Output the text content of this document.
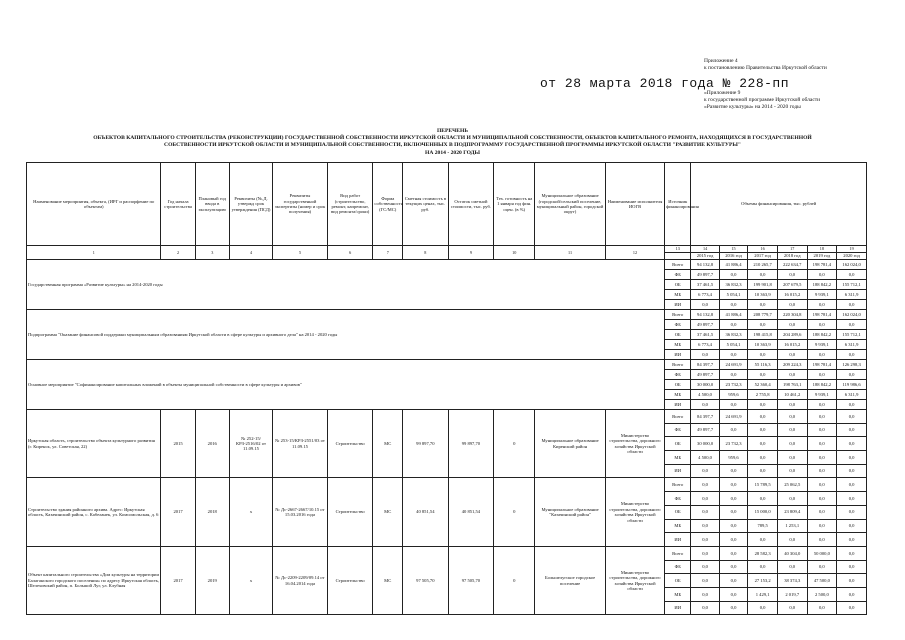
Приложение 4
к постановлению Правительства Иркутской области
от 28 марта 2018 года № 228-пп
«Приложение 9
к государственной программе Иркутской области
«Развитие культуры» на 2014 - 2020 годы
ПЕРЕЧЕНЬ
ОБЪЕКТОВ КАПИТАЛЬНОГО СТРОИТЕЛЬСТВА (РЕКОНСТРУКЦИИ) ГОСУДАРСТВЕННОЙ СОБСТВЕННОСТИ ИРКУТСКОЙ ОБЛАСТИ И МУНИЦИПАЛЬНОЙ СОБСТВЕННОСТИ, ОБЪЕКТОВ КАПИТАЛЬНОГО РЕМОНТА, НАХОДЯЩИХСЯ В ГОСУДАРСТВЕННОЙ
СОБСТВЕННОСТИ ИРКУТСКОЙ ОБЛАСТИ И МУНИЦИПАЛЬНОЙ СОБСТВЕННОСТИ, ВКЛЮЧЕННЫХ В ПОДПРОГРАММУ ГОСУДАРСТВЕННОЙ ПРОГРАММЫ ИРКУТСКОЙ ОБЛАСТИ "РАЗВИТИЕ КУЛЬТУРЫ"
НА 2014 - 2020 ГОДЫ
Наименование мероприятия, объекта, (ИРГ и распорфение по объектам)	Год начала строительства	Плановый год ввода в эксплуатацию	Реквизиты (№,Д. утвержд срок утверждения (ПСД)	Реквизиты государственной экспертизы (номер и срок получения)	Вид работ (строительство, ремонт, капремонт, вид ремонта/сроки)	Форма собственности (ГС/МС)	Сметная стоимость в текущих ценах, тыс. руб.	Остаток сметной стоимости, тыс. руб.	Тех. готовность на 1 января год фин. оцен. (в %)	Муниципальное образование (городской/сельский поселение, муниципальный район, городской округ)	Наименование исполнителя ИОГВ	Источник финансирования	Объемы финансирования, тыс. рублей					
1	2	3	4	5	6	7	8	9	10	11	12	13	14	15	16	17	18	19
													2015 год	2016 год	2017 год	2018 год	2019 год	2020 год
Государственная программа «Развитие культуры» на 2014-2020 годы												Всего	94 132,8	41 886,4	210 265,7	222 634,7	198 781,4	162 024,0
												ФБ	49 897,7	0,0	0,0	0,0	0,0	0,0
												ОБ	37 461,5	36 832,3	199 901,8	207 679,5	188 842,2	155 712,1
												МБ	6 773,4	5 054,1	10 363,9	16 015,2	9 939,1	6 311,9
												ИИ	0,0	0,0	0,0	0,0	0,0	0,0
Подпрограмма "Оказание финансовой поддержки муниципальным образованиям Иркутской области в сфере культуры и архивного дела" на 2014 - 2020 годы												Всего	94 132,8	41 886,4	208 779,7	220 304,8	198 781,4	162 024,0
												ФБ	49 897,7	0,0	0,0	0,0	0,0	0,0
												ОБ	37 461,5	36 832,3	198 415,8	204 289,6	188 842,2	155 712,1
												МБ	6 773,4	5 054,1	10 363,9	16 015,2	9 939,1	6 311,9
												ИИ	0,0	0,0	0,0	0,0	0,0	0,0
Основное мероприятие "Софинансирование капитальных вложений в объекты муниципальной собственности в сфере культуры и архивов"												Всего	84 397,7	24 691,9	55 116,3	209 224,3	198 781,4	126 298,3
												ФБ	49 897,7	0,0	0,0	0,0	0,0	0,0
												ОБ	30 000,0	23 732,3	52 360,4	198 763,1	188 842,2	119 986,6
												МБ	4 500,0	959,6	2 755,8	10 461,2	9 939,1	6 311,9
												ИИ	0,0	0,0	0,0	0,0	0,0	0,0
Иркутская область, строительство объекта культурного развития (г. Киренск, ул. Советская, 22)	2015	2016	№ 252-15/КРЗ-2516/02 от 11.09.15	№ 253-15/КРЗ-2551/03 от 11.09.15	Строительство	МС	99 897,70	99 897,70	0	Муниципальное образование Киренский район	Министерство строительства, дорожного хозяйства Иркутской области	Всего	84 397,7	24 691,9	0,0	0,0	0,0	0,0
												ФБ	49 897,7	0,0	0,0	0,0	0,0	0,0
												ОБ	30 000,0	23 732,3	0,0	0,0	0,0	0,0
												МБ	4 500,0	959,6	0,0	0,0	0,0	0,0
												ИИ	0,0	0,0	0,0	0,0	0,0	0,0
Строительство здания районного архива. Адрес: Иркутская область, Казачинский район, с. Кабеланек, ул. Комсомольская, д. 6	2017	2018	x	№ Дс-2667-2667/10.15 от 15.03.2016 года	Строительство	МС	40 851,54	40 851,54	0	Муниципальное образование "Казачинский район"	Министерство строительства, дорожного хозяйства Иркутской области	Всего	0,0	0,0	15 789,5	25 062,5	0,0	0,0
												ФБ	0,0	0,0	0,0	0,0	0,0	0,0
												ОБ	0,0	0,0	15 000,0	23 809,4	0,0	0,0
												МБ	0,0	0,0	789,5	1 253,1	0,0	0,0
												ИИ	0,0	0,0	0,0	0,0	0,0	0,0
Объект капитального строительства «Дом культуры на территории Балаганского городского поселения» по адресу Иркутская область, Шелеховский район, п. Большой Луг, ул. Клубная	2017	2019	x	№ Дс-2209-2209/09.14 от 16.04.2014 года	Строительство	МС	97 505,70	97 505,70	0	Большелугское городское поселение	Министерство строительства, дорожного хозяйства Иркутской области	Всего	0,0	0,0	28 582,3	40 304,0	50 000,0	0,0
												ФБ	0,0	0,0	0,0	0,0	0,0	0,0
												ОБ	0,0	0,0	27 153,2	38 374,3	47 500,0	0,0
												МБ	0,0	0,0	1 429,1	2 019,7	2 500,0	0,0
												ИИ	0,0	0,0	0,0	0,0	0,0	0,0
